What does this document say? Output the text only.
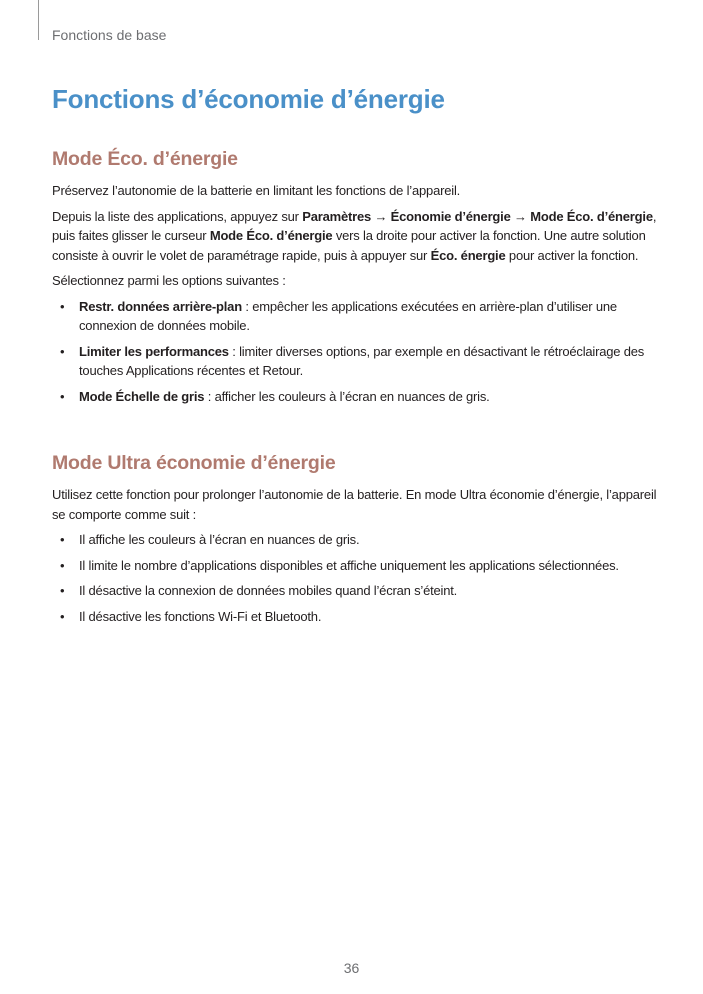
Fonctions de base
Fonctions d’économie d’énergie
Mode Éco. d’énergie

Préservez l’autonomie de la batterie en limitant les fonctions de l’appareil.

Depuis la liste des applications, appuyez sur Paramètres → Économie d’énergie → Mode Éco. d’énergie, puis faites glisser le curseur Mode Éco. d’énergie vers la droite pour activer la fonction. Une autre solution consiste à ouvrir le volet de paramétrage rapide, puis à appuyer sur Éco. énergie pour activer la fonction.

Sélectionnez parmi les options suivantes :

• Restr. données arrière-plan : empêcher les applications exécutées en arrière-plan d’utiliser une connexion de données mobile.
• Limiter les performances : limiter diverses options, par exemple en désactivant le rétroéclairage des touches Applications récentes et Retour.
• Mode Échelle de gris : afficher les couleurs à l’écran en nuances de gris.
Mode Ultra économie d’énergie

Utilisez cette fonction pour prolonger l’autonomie de la batterie. En mode Ultra économie d’énergie, l’appareil se comporte comme suit :

• Il affiche les couleurs à l’écran en nuances de gris.
• Il limite le nombre d’applications disponibles et affiche uniquement les applications sélectionnées.
• Il désactive la connexion de données mobiles quand l’écran s’éteint.
• Il désactive les fonctions Wi-Fi et Bluetooth.
36
